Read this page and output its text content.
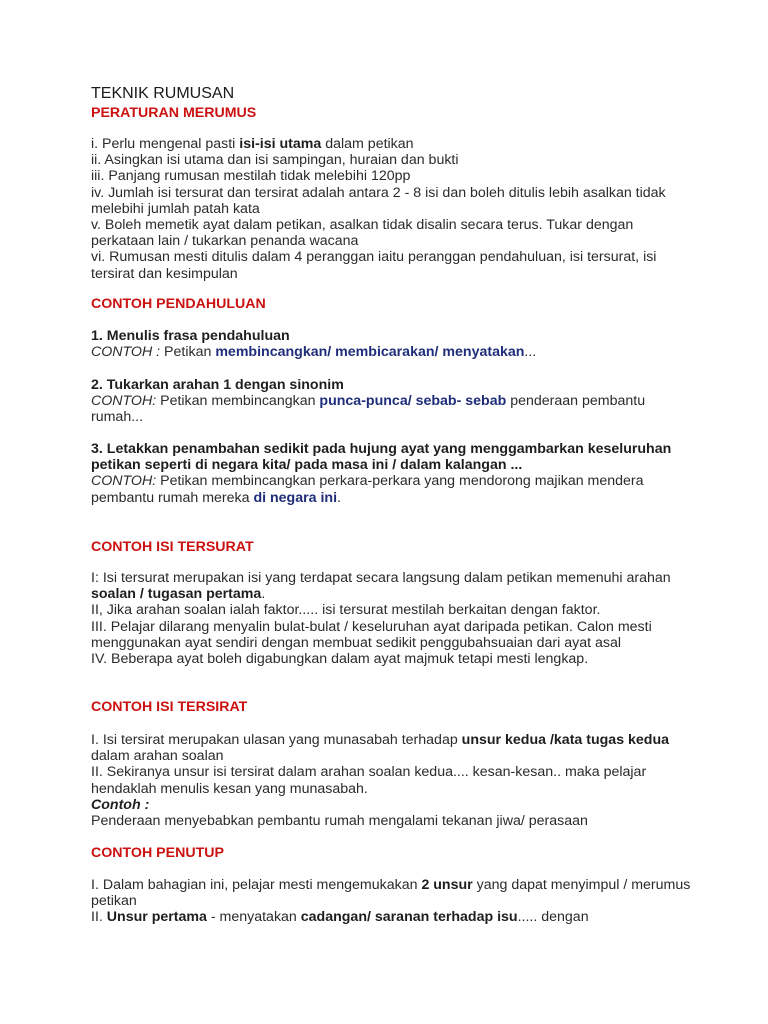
TEKNIK RUMUSAN

PERATURAN MERUMUS

i. Perlu mengenal pasti isi-isi utama dalam petikan

ii. Asingkan isi utama dan isi sampingan, huraian dan bukti

iii. Panjang rumusan mestilah tidak melebihi 120pp

iv. Jumlah isi tersurat dan tersirat adalah antara 2 - 8 isi dan boleh ditulis lebih asalkan tidak melebihi jumlah patah kata

v. Boleh memetik ayat dalam petikan, asalkan tidak disalin secara terus. Tukar dengan perkataan lain / tukarkan penanda wacana

vi. Rumusan mesti ditulis dalam 4 peranggan iaitu peranggan pendahuluan, isi tersurat, isi tersirat dan kesimpulan

CONTOH PENDAHULUAN

1. Menulis frasa pendahuluan

CONTOH : Petikan membincangkan/ membicarakan/ menyatakan...

2. Tukarkan arahan 1 dengan sinonim

CONTOH: Petikan membincangkan punca-punca/ sebab- sebab penderaan pembantu rumah...

3. Letakkan penambahan sedikit pada hujung ayat yang menggambarkan keseluruhan petikan seperti di negara kita/ pada masa ini / dalam kalangan ...

CONTOH: Petikan membincangkan perkara-perkara yang mendorong majikan mendera pembantu rumah mereka di negara ini.

CONTOH ISI TERSURAT

I: Isi tersurat merupakan isi yang terdapat secara langsung dalam petikan memenuhi arahan soalan / tugasan pertama.

II, Jika arahan soalan ialah faktor..... isi tersurat mestilah berkaitan dengan faktor.

III. Pelajar dilarang menyalin bulat-bulat / keseluruhan ayat daripada petikan. Calon mesti menggunakan ayat sendiri dengan membuat sedikit penggubahsuaian dari ayat asal

IV. Beberapa ayat boleh digabungkan dalam ayat majmuk tetapi mesti lengkap.

CONTOH ISI TERSIRAT

I. Isi tersirat merupakan ulasan yang munasabah terhadap unsur kedua /kata tugas kedua dalam arahan soalan

II. Sekiranya unsur isi tersirat dalam arahan soalan kedua.... kesan-kesan.. maka pelajar hendaklah menulis kesan yang munasabah.

Contoh :

Penderaan menyebabkan pembantu rumah mengalami tekanan jiwa/ perasaan

CONTOH PENUTUP

I. Dalam bahagian ini, pelajar mesti mengemukakan 2 unsur yang dapat menyimpul / merumus petikan

II. Unsur pertama - menyatakan cadangan/ saranan terhadap isu..... dengan
